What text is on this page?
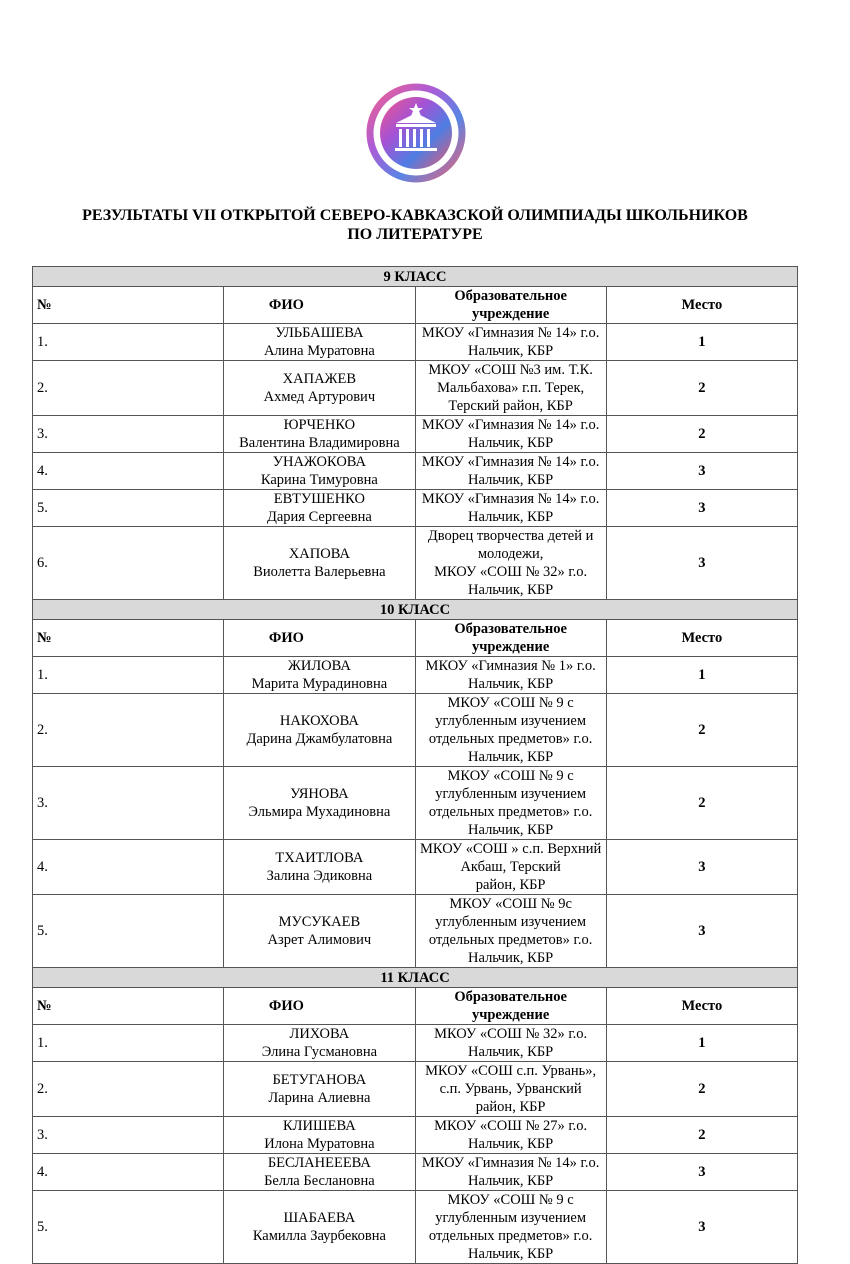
РЕЗУЛЬТАТЫ VII ОТКРЫТОЙ СЕВЕРО-КАВКАЗСКОЙ ОЛИМПИАДЫ ШКОЛЬНИКОВ
ПО ЛИТЕРАТУРЕ
9 КЛАСС			
№	ФИО	Образовательное учреждение	Место
1.	УЛЬБАШЕВА
Алина Муратовна	МКОУ «Гимназия № 14» г.о. Нальчик, КБР	1
2.	ХАПАЖЕВ
Ахмед Артурович	МКОУ «СОШ №3 им. Т.К. Мальбахова» г.п. Терек,
Терский район, КБР	2
3.	ЮРЧЕНКО
Валентина Владимировна	МКОУ «Гимназия № 14» г.о. Нальчик, КБР	2
4.	УНАЖОКОВА
Карина Тимуровна	МКОУ «Гимназия № 14» г.о. Нальчик, КБР	3
5.	ЕВТУШЕНКО
Дария Сергеевна	МКОУ «Гимназия № 14» г.о. Нальчик, КБР	3
6.	ХАПОВА
Виолетта Валерьевна	Дворец творчества детей и молодежи,
МКОУ «СОШ № 32» г.о. Нальчик, КБР	3
10 КЛАСС			
№	ФИО	Образовательное учреждение	Место
1.	ЖИЛОВА
Марита Мурадиновна	МКОУ «Гимназия № 1» г.о. Нальчик, КБР	1
2.	НАКОХОВА
Дарина Джамбулатовна	МКОУ «СОШ № 9 с углубленным изучением
отдельных предметов» г.о. Нальчик, КБР	2
3.	УЯНОВА
Эльмира Мухадиновна	МКОУ «СОШ № 9 с углубленным изучением
отдельных предметов» г.о. Нальчик, КБР	2
4.	ТХАИТЛОВА
Залина Эдиковна	МКОУ «СОШ » с.п. Верхний Акбаш, Терский
район, КБР	3
5.	МУСУКАЕВ
Азрет Алимович	МКОУ «СОШ № 9с углубленным изучением
отдельных предметов» г.о. Нальчик, КБР	3
11 КЛАСС			
№	ФИО	Образовательное учреждение	Место
1.	ЛИХОВА
Элина Гусмановна	МКОУ «СОШ № 32» г.о. Нальчик, КБР	1
2.	БЕТУГАНОВА
Ларина Алиевна	МКОУ «СОШ с.п. Урвань»,
с.п. Урвань, Урванский район, КБР	2
3.	КЛИШЕВА
Илона Муратовна	МКОУ «СОШ № 27» г.о. Нальчик, КБР	2
4.	БЕСЛАНЕЕЕВА
Белла Беслановна	МКОУ «Гимназия № 14» г.о. Нальчик, КБР	3
5.	ШАБАЕВА
Камилла Заурбековна	МКОУ «СОШ № 9 с углубленным изучением
отдельных предметов» г.о. Нальчик, КБР	3
